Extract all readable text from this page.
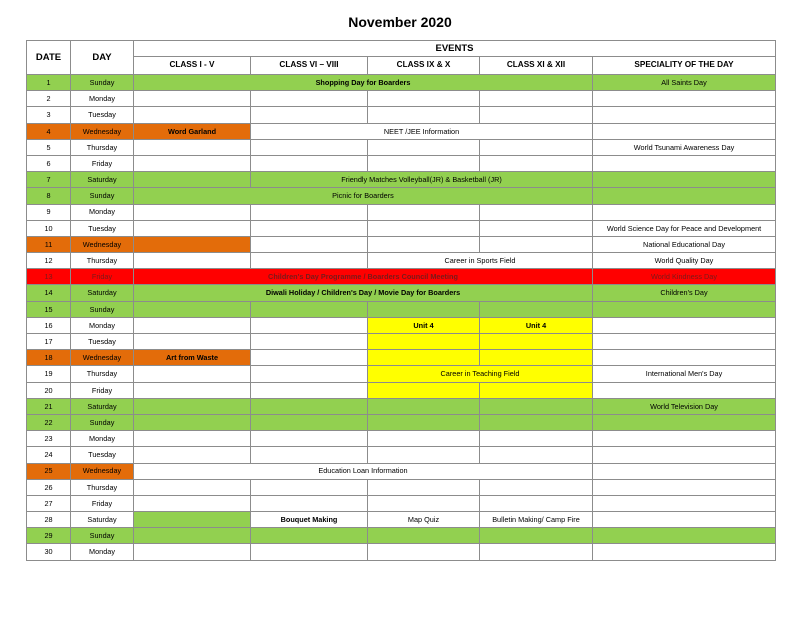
November 2020
DATE	DAY	EVENTS				
		CLASS I - V	CLASS VI – VIII	CLASS IX & X	CLASS XI & XII	SPECIALITY OF THE DAY
1	Sunday	Shopping Day for Boarders				All Saints Day
2	Monday					
3	Tuesday					
4	Wednesday	Word Garland	NEET /JEE Information			
5	Thursday					World Tsunami Awareness Day
6	Friday					
7	Saturday		Friendly Matches Volleyball(JR) & Basketball (JR)			
8	Sunday	Picnic for Boarders				
9	Monday					
10	Tuesday					World Science Day for Peace and Development
11	Wednesday					National Educational Day
12	Thursday			Career in Sports Field		World Quality Day
13	Friday	Children's Day Programme / Boarders Council Meeting				World Kindness Day
14	Saturday	Diwali Holiday / Children's Day / Movie Day for Boarders				Children's Day
15	Sunday					
16	Monday			Unit 4	Unit 4	
17	Tuesday					
18	Wednesday	Art from Waste				
19	Thursday			Career in Teaching Field		International Men's Day
20	Friday					
21	Saturday					World Television Day
22	Sunday					
23	Monday					
24	Tuesday					
25	Wednesday	Education Loan Information				
26	Thursday					
27	Friday					
28	Saturday		Bouquet Making	Map Quiz	Bulletin Making/ Camp Fire	
29	Sunday					
30	Monday					
